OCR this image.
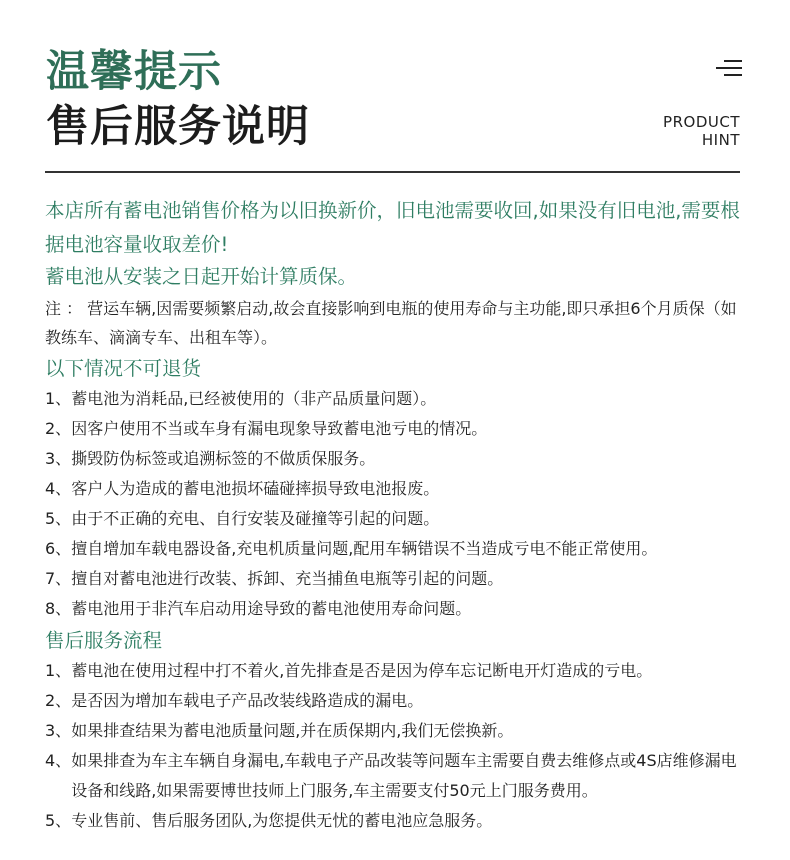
温馨提示
售后服务说明	PRODUCT
HINT

本店所有蓄电池销售价格为以旧换新价，旧电池需要收回,如果没有旧电池,需要根据电池容量收取差价!

蓄电池从安装之日起开始计算质保。

注 ： 营运车辆,因需要频繁启动,故会直接影响到电瓶的使用寿命与主功能,即只承担6个月质保（如教练车、滴滴专车、出租车等）。

以下情况不可退货
1、 蓄电池为消耗品,已经被使用的（非产品质量问题）。
2、 因客户使用不当或车身有漏电现象导致蓄电池亏电的情况。
3、 撕毁防伪标签或追溯标签的不做质保服务。
4、 客户人为造成的蓄电池损坏磕碰摔损导致电池报废。
5、 由于不正确的充电、自行安装及碰撞等引起的问题。
6、 擅自增加车载电器设备,充电机质量问题,配用车辆错误不当造成亏电不能正常使用。
7、 擅自对蓄电池进行改装、拆卸、充当捕鱼电瓶等引起的问题。
8、 蓄电池用于非汽车启动用途导致的蓄电池使用寿命问题。
售后服务流程
1、 蓄电池在使用过程中打不着火,首先排查是否是因为停车忘记断电开灯造成的亏电。
2、 是否因为增加车载电子产品改装线路造成的漏电。
3、 如果排查结果为蓄电池质量问题,并在质保期内,我们无偿换新。
4、 如果排查为车主车辆自身漏电,车载电子产品改装等问题车主需要自费去维修点或4S店维修漏电设备和线路,如果需要博世技师上门服务,车主需要支付50元上门服务费用。
5、 专业售前、售后服务团队,为您提供无忧的蓄电池应急服务。
